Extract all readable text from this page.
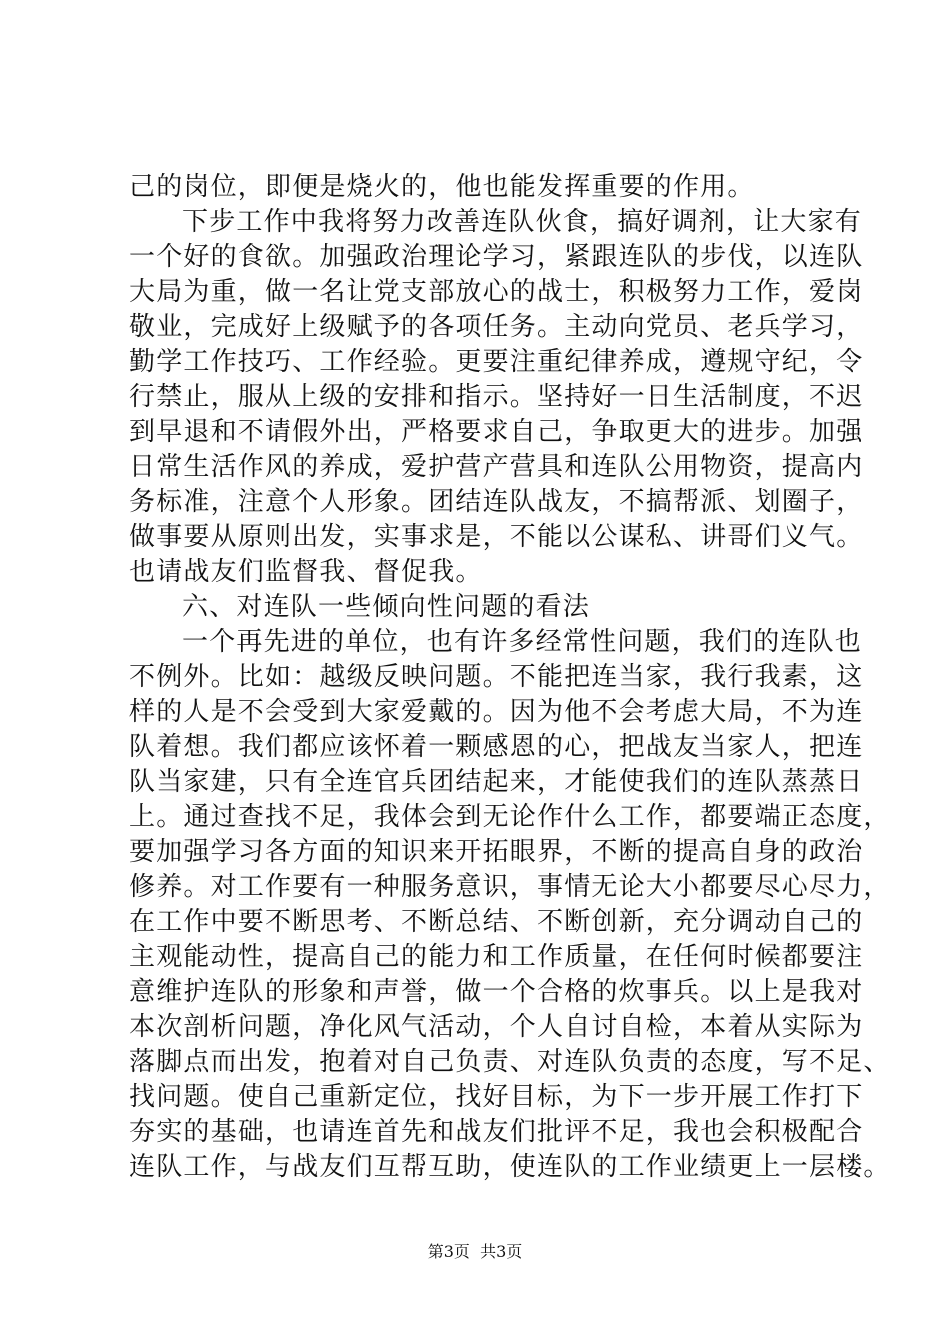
己的岗位，即便是烧火的，他也能发挥重要的作用。
下步工作中我将努力改善连队伙食，搞好调剂，让大家有
一个好的食欲。加强政治理论学习，紧跟连队的步伐，以连队
大局为重，做一名让党支部放心的战士，积极努力工作，爱岗
敬业，完成好上级赋予的各项任务。主动向党员、老兵学习，
勤学工作技巧、工作经验。更要注重纪律养成，遵规守纪，令
行禁止，服从上级的安排和指示。坚持好一日生活制度，不迟
到早退和不请假外出，严格要求自己，争取更大的进步。加强
日常生活作风的养成，爱护营产营具和连队公用物资，提高内
务标准，注意个人形象。团结连队战友，不搞帮派、划圈子，
做事要从原则出发，实事求是，不能以公谋私、讲哥们义气。
也请战友们监督我、督促我。
六、对连队一些倾向性问题的看法
一个再先进的单位，也有许多经常性问题，我们的连队也
不例外。比如：越级反映问题。不能把连当家，我行我素，这
样的人是不会受到大家爱戴的。因为他不会考虑大局，不为连
队着想。我们都应该怀着一颗感恩的心，把战友当家人，把连
队当家建，只有全连官兵团结起来，才能使我们的连队蒸蒸日
上。通过查找不足，我体会到无论作什么工作，都要端正态度，
要加强学习各方面的知识来开拓眼界，不断的提高自身的政治
修养。对工作要有一种服务意识，事情无论大小都要尽心尽力，
在工作中要不断思考、不断总结、不断创新，充分调动自己的
主观能动性，提高自己的能力和工作质量，在任何时候都要注
意维护连队的形象和声誉，做一个合格的炊事兵。以上是我对
本次剖析问题，净化风气活动，个人自讨自检，本着从实际为
落脚点而出发，抱着对自己负责、对连队负责的态度，写不足、
找问题。使自己重新定位，找好目标，为下一步开展工作打下
夯实的基础，也请连首先和战友们批评不足，我也会积极配合
连队工作，与战友们互帮互助，使连队的工作业绩更上一层楼。
第3页  共3页
